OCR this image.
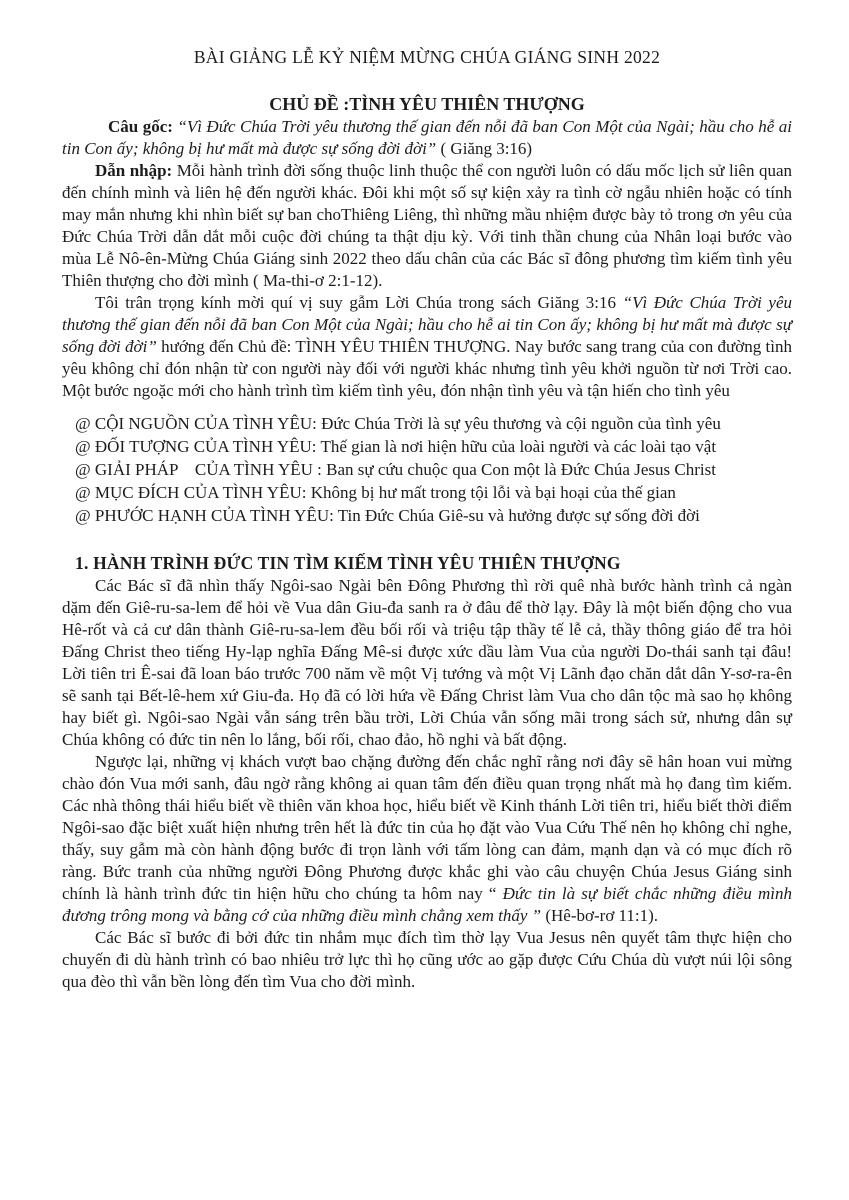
BÀI GIẢNG LỄ KỶ NIỆM MỪNG CHÚA GIÁNG SINH 2022
CHỦ ĐỀ :TÌNH YÊU THIÊN THƯỢNG

Câu gốc: “Vì Đức Chúa Trời yêu thương thế gian đến nỗi đã ban Con Một của Ngài; hầu cho hễ ai tin Con ấy; không bị hư mất mà được sự sống đời đời” ( Giăng 3:16)

Dẫn nhập: Mỗi hành trình đời sống thuộc linh thuộc thể con người luôn có dấu mốc lịch sử liên quan đến chính mình và liên hệ đến người khác. Đôi khi một số sự kiện xảy ra tình cờ ngẫu nhiên hoặc có tính may mắn nhưng khi nhìn biết sự ban choThiêng Liêng, thì những mầu nhiệm được bày tỏ trong ơn yêu của Đức Chúa Trời dẫn dắt mỗi cuộc đời chúng ta thật dịu kỳ. Với tinh thần chung của Nhân loại bước vào mùa Lễ Nô-ên-Mừng Chúa Giáng sinh 2022 theo dấu chân của các Bác sĩ đông phương tìm kiếm tình yêu Thiên thượng cho đời mình ( Ma-thi-ơ 2:1-12).

Tôi trân trọng kính mời quí vị suy gẫm Lời Chúa trong sách Giăng 3:16 “Vì Đức Chúa Trời yêu thương thế gian đến nỗi đã ban Con Một của Ngài; hầu cho hễ ai tin Con ấy; không bị hư mất mà được sự sống đời đời” hướng đến Chủ đề: TÌNH YÊU THIÊN THƯỢNG. Nay bước sang trang của con đường tình yêu không chỉ đón nhận từ con người này đối với người khác nhưng tình yêu khởi nguồn từ nơi Trời cao. Một bước ngoặc mới cho hành trình tìm kiếm tình yêu, đón nhận tình yêu và tận hiến cho tình yêu

@ CỘI NGUỒN CỦA TÌNH YÊU: Đức Chúa Trời là sự yêu thương và cội nguồn của tình yêu

@ ĐỐI TƯỢNG CỦA TÌNH YÊU: Thế gian là nơi hiện hữu của loài người và các loài tạo vật

@ GIẢI PHÁP    CỦA TÌNH YÊU : Ban sự cứu chuộc qua Con một là Đức Chúa Jesus Christ

@ MỤC ĐÍCH CỦA TÌNH YÊU: Không bị hư mất trong tội lỗi và bại hoại của thế gian

@ PHƯỚC HẠNH CỦA TÌNH YÊU: Tin Đức Chúa Giê-su và hưởng được sự sống đời đời

1. HÀNH TRÌNH ĐỨC TIN TÌM KIẾM TÌNH YÊU THIÊN THƯỢNG

Các Bác sĩ đã nhìn thấy Ngôi-sao Ngài bên Đông Phương thì rời quê nhà bước hành trình cả ngàn dặm đến Giê-ru-sa-lem để hỏi về Vua dân Giu-đa sanh ra ở đâu để thờ lạy. Đây là một biến động cho vua Hê-rốt và cả cư dân thành Giê-ru-sa-lem đều bối rối và triệu tập thầy tế lễ cả, thầy thông giáo để tra hỏi Đấng Christ theo tiếng Hy-lạp nghĩa Đấng Mê-si được xức dầu làm Vua của người Do-thái sanh tại đâu! Lời tiên tri Ê-sai đã loan báo trước 700 năm về một Vị tướng và một Vị Lãnh đạo chăn dắt dân Y-sơ-ra-ên sẽ sanh tại Bết-lê-hem xứ Giu-đa. Họ đã có lời hứa về Đấng Christ làm Vua cho dân tộc mà sao họ không hay biết gì. Ngôi-sao Ngài vẫn sáng trên bầu trời, Lời Chúa vẫn sống mãi trong sách sử, nhưng dân sự Chúa không có đức tin nên lo lắng, bối rối, chao đảo, hồ nghi và bất động.

Ngược lại, những vị khách vượt bao chặng đường đến chắc nghĩ rằng nơi đây sẽ hân hoan vui mừng chào đón Vua mới sanh, đâu ngờ rằng không ai quan tâm đến điều quan trọng nhất mà họ đang tìm kiếm. Các nhà thông thái hiểu biết về thiên văn khoa học, hiểu biết về Kinh thánh Lời tiên tri, hiểu biết thời điểm Ngôi-sao đặc biệt xuất hiện nhưng trên hết là đức tin của họ đặt vào Vua Cứu Thế nên họ không chỉ nghe, thấy, suy gẫm mà còn hành động bước đi trọn lành với tấm lòng can đảm, mạnh dạn và có mục đích rõ ràng. Bức tranh của những người Đông Phương được khắc ghi vào câu chuyện Chúa Jesus Giáng sinh chính là hành trình đức tin hiện hữu cho chúng ta hôm nay “ Đức tin là sự biết chắc những điều mình đương trông mong và bằng cớ của những điều mình chẳng xem thấy ” (Hê-bơ-rơ 11:1).

Các Bác sĩ bước đi bởi đức tin nhắm mục đích tìm thờ lạy Vua Jesus nên quyết tâm thực hiện cho chuyến đi dù hành trình có bao nhiêu trở lực thì họ cũng ước ao gặp được Cứu Chúa dù vượt núi lội sông qua đèo thì vẫn bền lòng đến tìm Vua cho đời mình.
